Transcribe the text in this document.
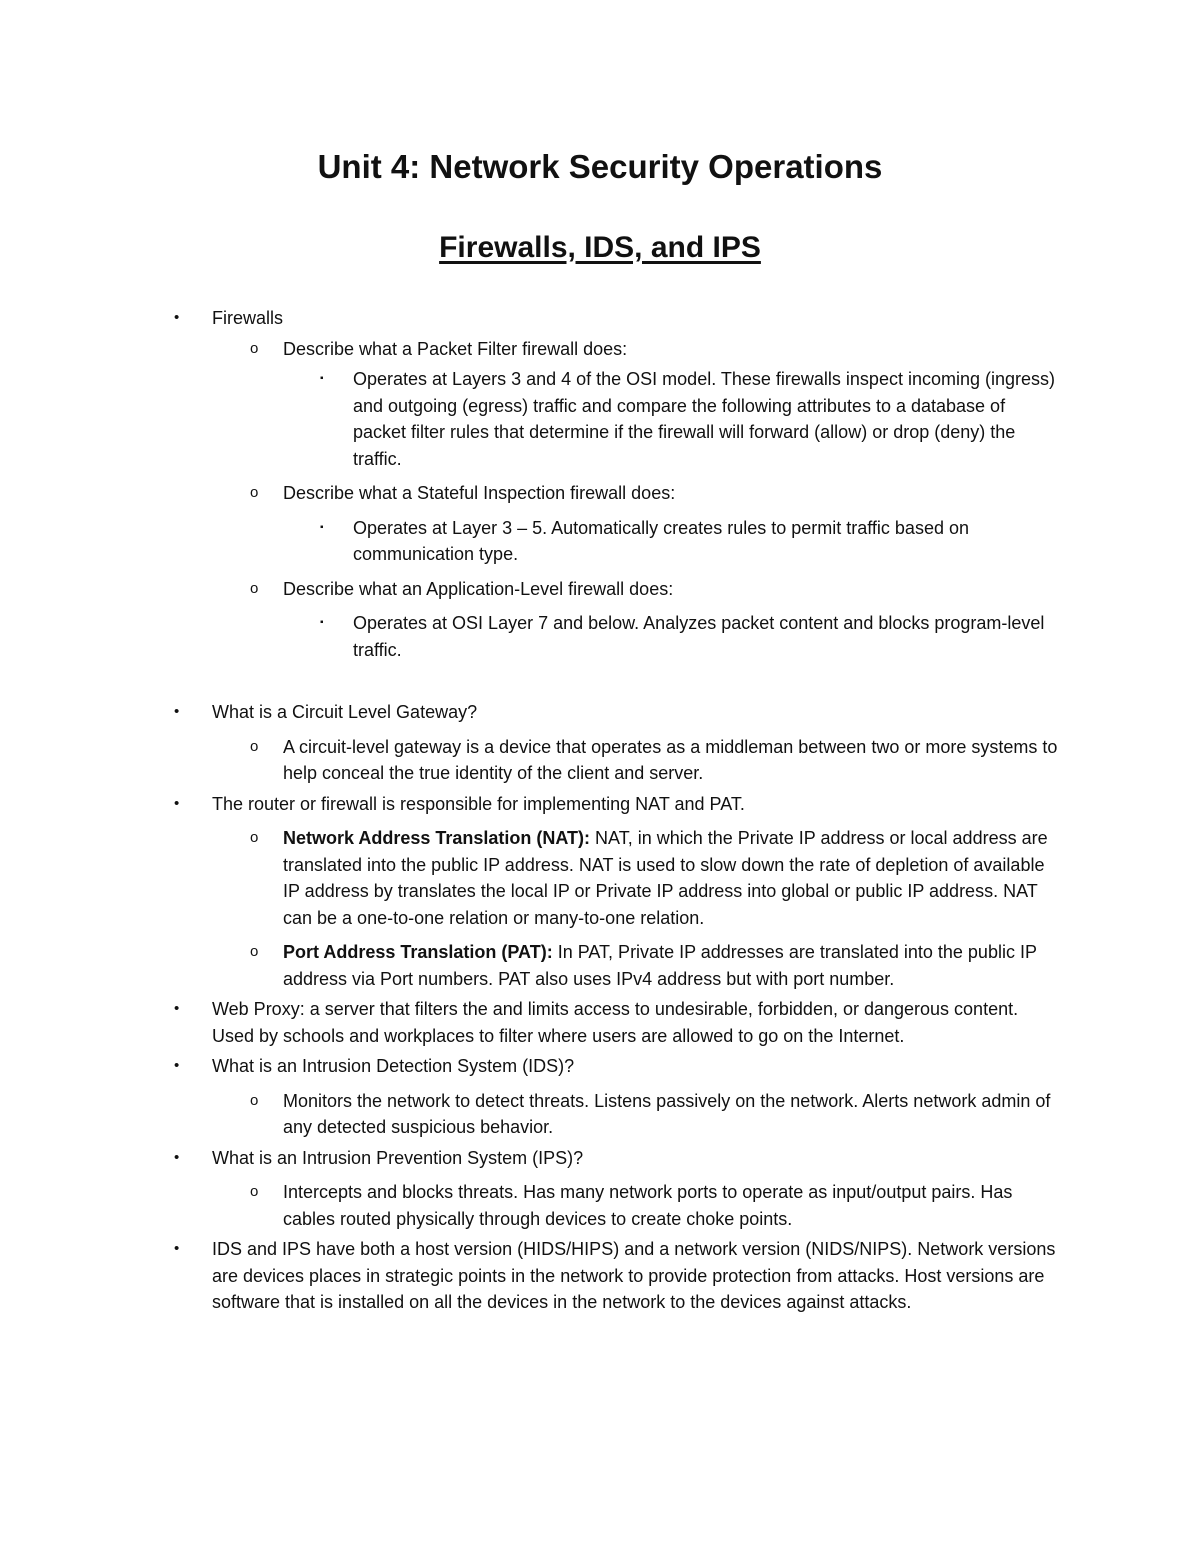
Unit 4: Network Security Operations
Firewalls, IDS, and IPS
• Firewalls
o Describe what a Packet Filter firewall does:
▪ Operates at Layers 3 and 4 of the OSI model. These firewalls inspect incoming (ingress) and outgoing (egress) traffic and compare the following attributes to a database of packet filter rules that determine if the firewall will forward (allow) or drop (deny) the traffic.
o Describe what a Stateful Inspection firewall does:
▪ Operates at Layer 3 – 5. Automatically creates rules to permit traffic based on communication type.
o Describe what an Application-Level firewall does:
▪ Operates at OSI Layer 7 and below. Analyzes packet content and blocks program-level traffic.
• What is a Circuit Level Gateway?
o A circuit-level gateway is a device that operates as a middleman between two or more systems to help conceal the true identity of the client and server.
• The router or firewall is responsible for implementing NAT and PAT.
o Network Address Translation (NAT): NAT, in which the Private IP address or local address are translated into the public IP address. NAT is used to slow down the rate of depletion of available IP address by translates the local IP or Private IP address into global or public IP address. NAT can be a one-to-one relation or many-to-one relation.
o Port Address Translation (PAT): In PAT, Private IP addresses are translated into the public IP address via Port numbers. PAT also uses IPv4 address but with port number.
• Web Proxy: a server that filters the and limits access to undesirable, forbidden, or dangerous content. Used by schools and workplaces to filter where users are allowed to go on the Internet.
• What is an Intrusion Detection System (IDS)?
o Monitors the network to detect threats. Listens passively on the network. Alerts network admin of any detected suspicious behavior.
• What is an Intrusion Prevention System (IPS)?
o Intercepts and blocks threats. Has many network ports to operate as input/output pairs. Has cables routed physically through devices to create choke points.
• IDS and IPS have both a host version (HIDS/HIPS) and a network version (NIDS/NIPS). Network versions are devices places in strategic points in the network to provide protection from attacks. Host versions are software that is installed on all the devices in the network to the devices against attacks.
